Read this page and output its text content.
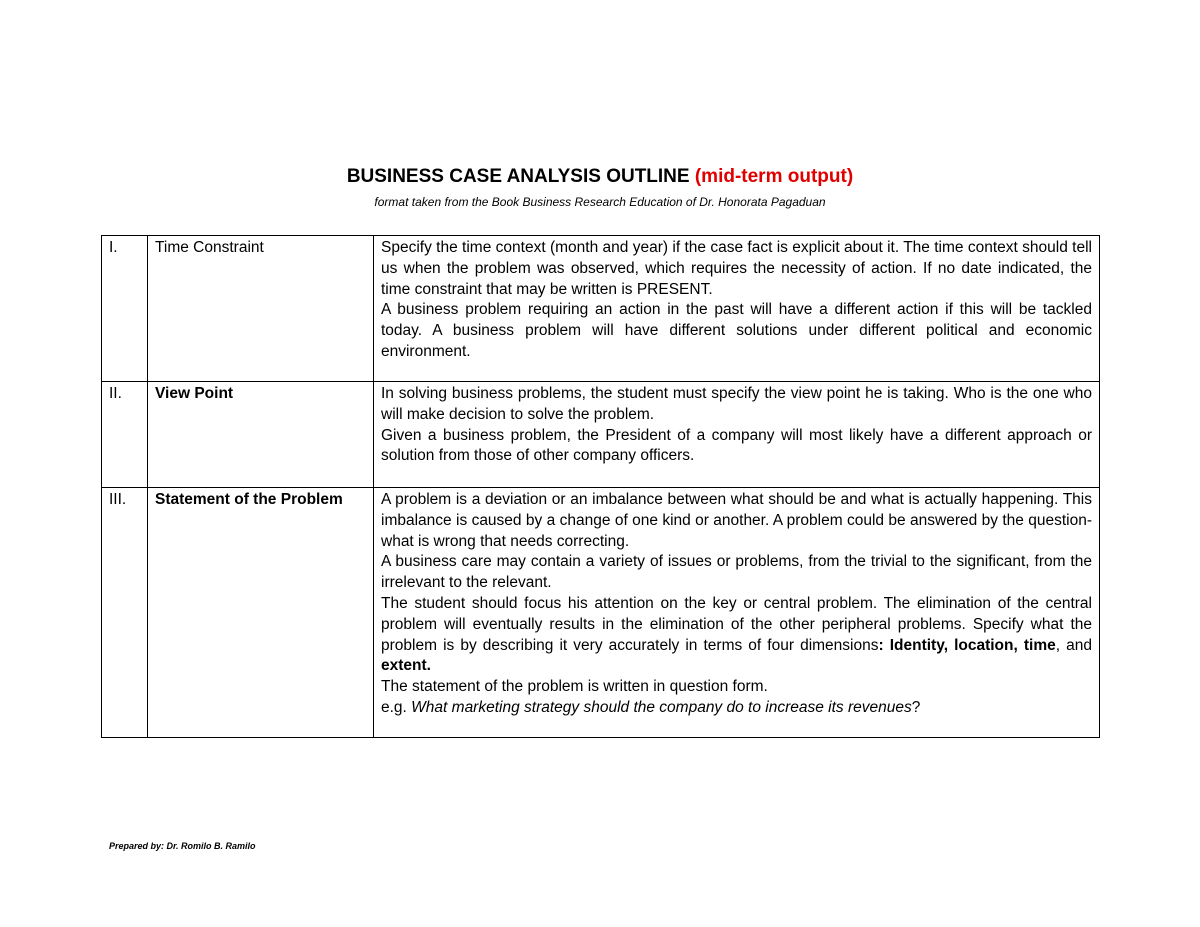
BUSINESS CASE ANALYSIS OUTLINE (mid-term output)
format taken from the Book Business Research Education of Dr. Honorata Pagaduan
I.	Time Constraint	Specify the time context (month and year) if the case fact is explicit about it. The time context should tell us when the problem was observed, which requires the necessity of action. If no date indicated, the time constraint that may be written is PRESENT.
A business problem requiring an action in the past will have a different action if this will be tackled today. A business problem will have different solutions under different political and economic environment.

II.	View Point	In solving business problems, the student must specify the view point he is taking. Who is the one who will make decision to solve the problem.
Given a business problem, the President of a company will most likely have a different approach or solution from those of other company officers.

III.	Statement of the Problem	A problem is a deviation or an imbalance between what should be and what is actually happening. This imbalance is caused by a change of one kind or another. A problem could be answered by the question- what is wrong that needs correcting.
A business care may contain a variety of issues or problems, from the trivial to the significant, from the irrelevant to the relevant.
The student should focus his attention on the key or central problem. The elimination of the central problem will eventually results in the elimination of the other peripheral problems. Specify what the problem is by describing it very accurately in terms of four dimensions: Identity, location, time, and extent.
The statement of the problem is written in question form.
e.g. What marketing strategy should the company do to increase its revenues?
Prepared by: Dr. Romilo B. Ramilo
